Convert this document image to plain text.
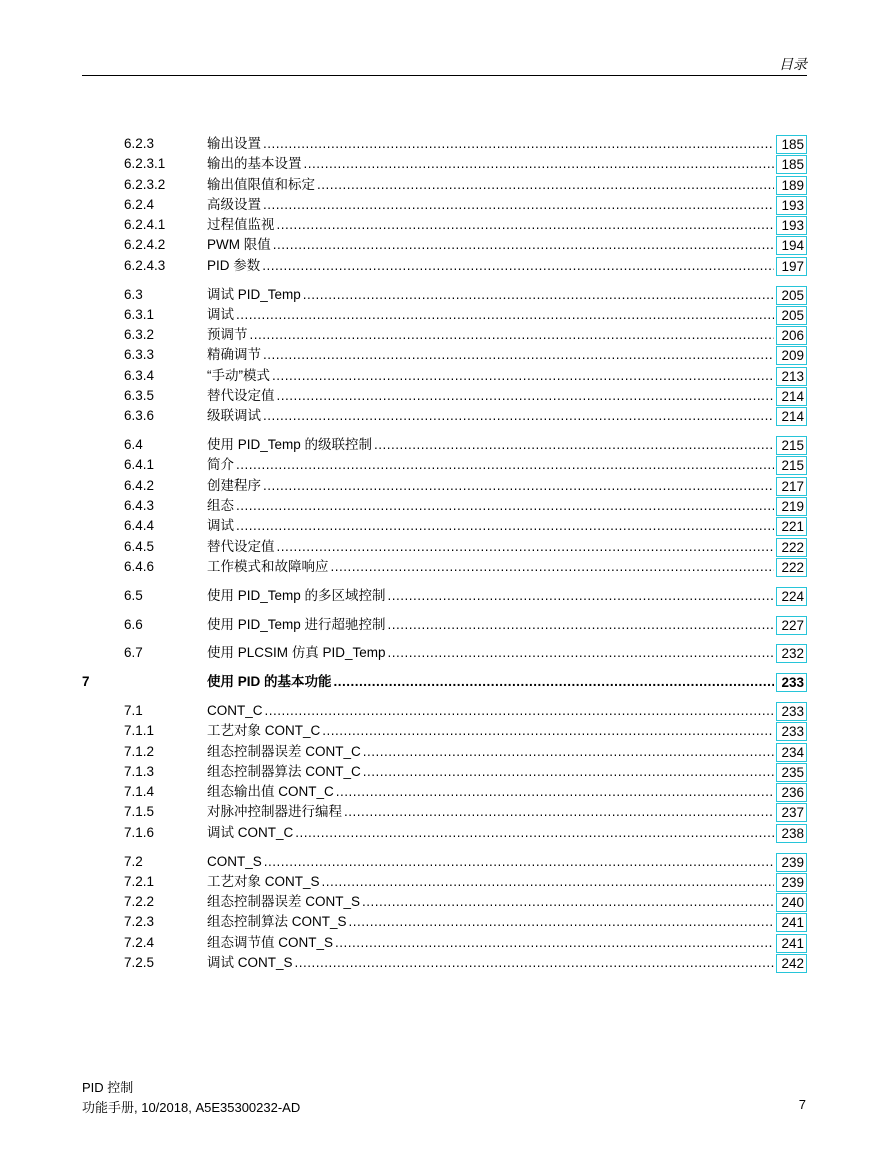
目录
6.2.3	输出设置 .....	185
6.2.3.1	输出的基本设置 .....	185
6.2.3.2	输出值限值和标定 .....	189
6.2.4	高级设置 .....	193
6.2.4.1	过程值监视 .....	193
6.2.4.2	PWM 限值 .....	194
6.2.4.3	PID 参数 .....	197
6.3	调试 PID_Temp .....	205
6.3.1	调试 .....	205
6.3.2	预调节 .....	206
6.3.3	精确调节 .....	209
6.3.4	“手动”模式 .....	213
6.3.5	替代设定值 .....	214
6.3.6	级联调试 .....	214
6.4	使用 PID_Temp 的级联控制 .....	215
6.4.1	简介 .....	215
6.4.2	创建程序 .....	217
6.4.3	组态 .....	219
6.4.4	调试 .....	221
6.4.5	替代设定值 .....	222
6.4.6	工作模式和故障响应 .....	222
6.5	使用 PID_Temp 的多区域控制 .....	224
6.6	使用 PID_Temp 进行超驰控制 .....	227
6.7	使用 PLCSIM 仿真 PID_Temp .....	232
7	使用 PID 的基本功能 .....	233
7.1	CONT_C .....	233
7.1.1	工艺对象 CONT_C .....	233
7.1.2	组态控制器误差 CONT_C .....	234
7.1.3	组态控制器算法 CONT_C .....	235
7.1.4	组态输出值 CONT_C .....	236
7.1.5	对脉冲控制器进行编程 .....	237
7.1.6	调试 CONT_C .....	238
7.2	CONT_S .....	239
7.2.1	工艺对象 CONT_S .....	239
7.2.2	组态控制器误差 CONT_S .....	240
7.2.3	组态控制算法 CONT_S .....	241
7.2.4	组态调节值 CONT_S .....	241
7.2.5	调试 CONT_S .....	242
PID 控制
功能手册, 10/2018, A5E35300232-AD	7
